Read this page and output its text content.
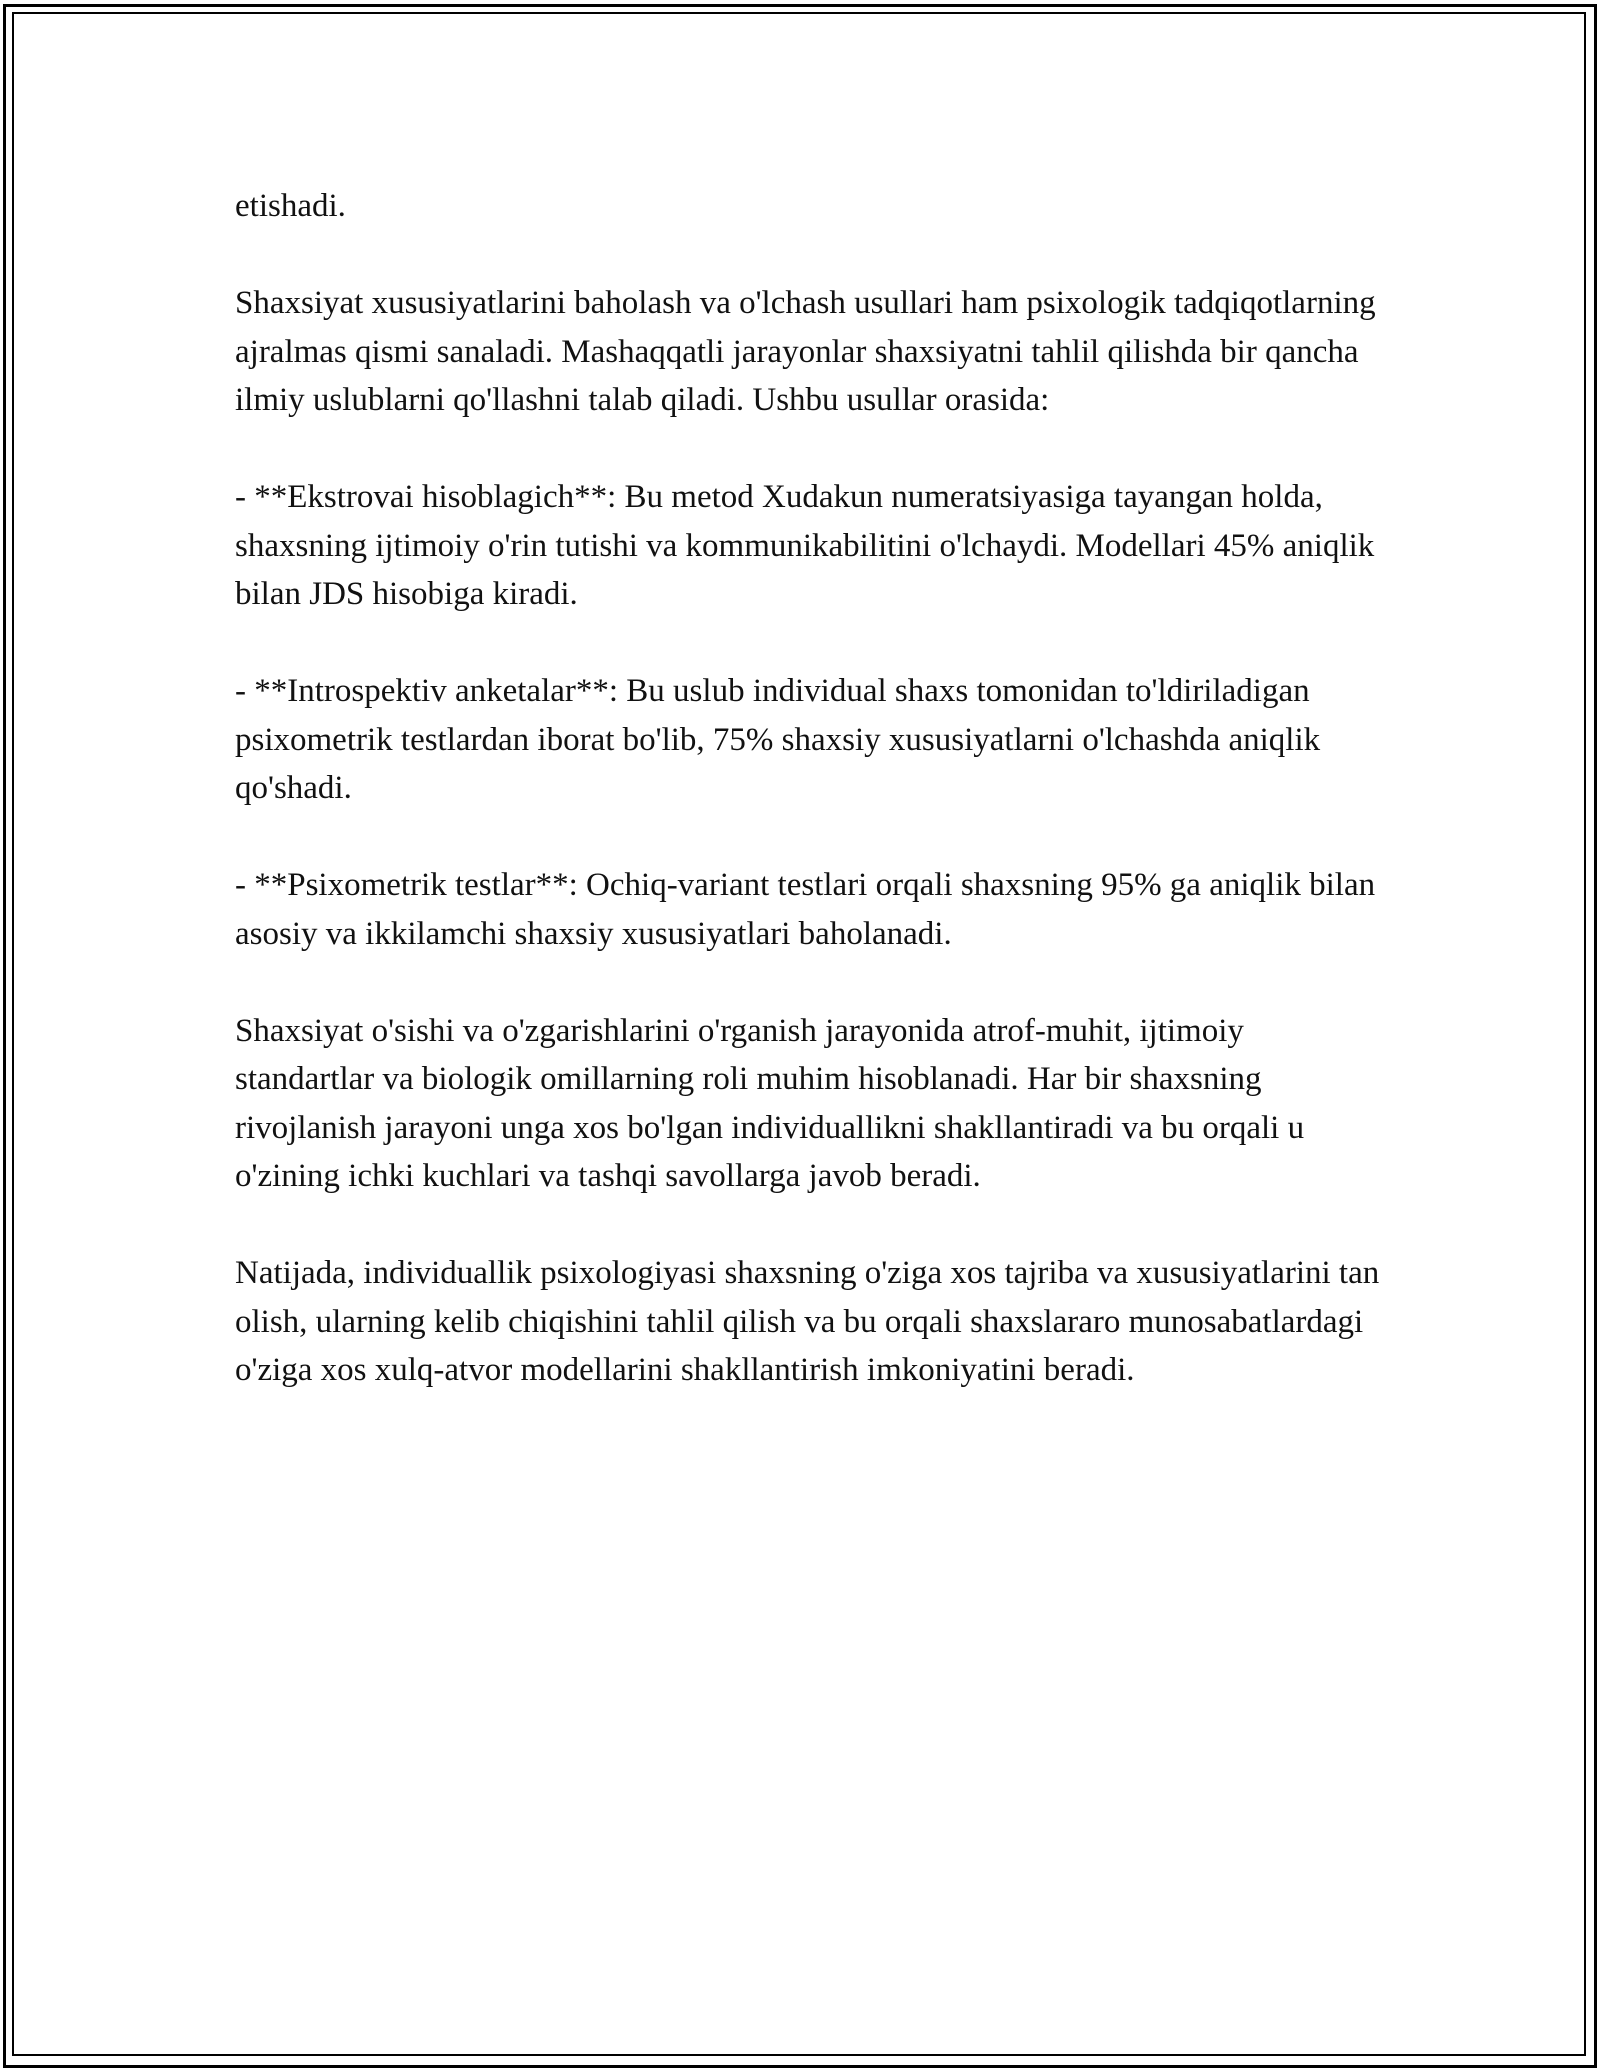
etishadi.

Shaxsiyat xususiyatlarini baholash va o'lchash usullari ham psixologik tadqiqotlarning ajralmas qismi sanaladi. Mashaqqatli jarayonlar shaxsiyatni tahlil qilishda bir qancha ilmiy uslublarni qo'llashni talab qiladi. Ushbu usullar orasida:

- **Ekstrovai hisoblagich**: Bu metod Xudakun numeratsiyasiga tayangan holda, shaxsning ijtimoiy o'rin tutishi va kommunikabilitini o'lchaydi. Modellari 45% aniqlik bilan JDS hisobiga kiradi.

- **Introspektiv anketalar**: Bu uslub individual shaxs tomonidan to'ldiriladigan psixometrik testlardan iborat bo'lib, 75% shaxsiy xususiyatlarni o'lchashda aniqlik qo'shadi.

- **Psixometrik testlar**: Ochiq-variant testlari orqali shaxsning 95% ga aniqlik bilan asosiy va ikkilamchi shaxsiy xususiyatlari baholanadi.

Shaxsiyat o'sishi va o'zgarishlarini o'rganish jarayonida atrof-muhit, ijtimoiy standartlar va biologik omillarning roli muhim hisoblanadi. Har bir shaxsning rivojlanish jarayoni unga xos bo'lgan individuallikni shakllantiradi va bu orqali u o'zining ichki kuchlari va tashqi savollarga javob beradi.

Natijada, individuallik psixologiyasi shaxsning o'ziga xos tajriba va xususiyatlarini tan olish, ularning kelib chiqishini tahlil qilish va bu orqali shaxslararo munosabatlardagi o'ziga xos xulq-atvor modellarini shakllantirish imkoniyatini beradi.
